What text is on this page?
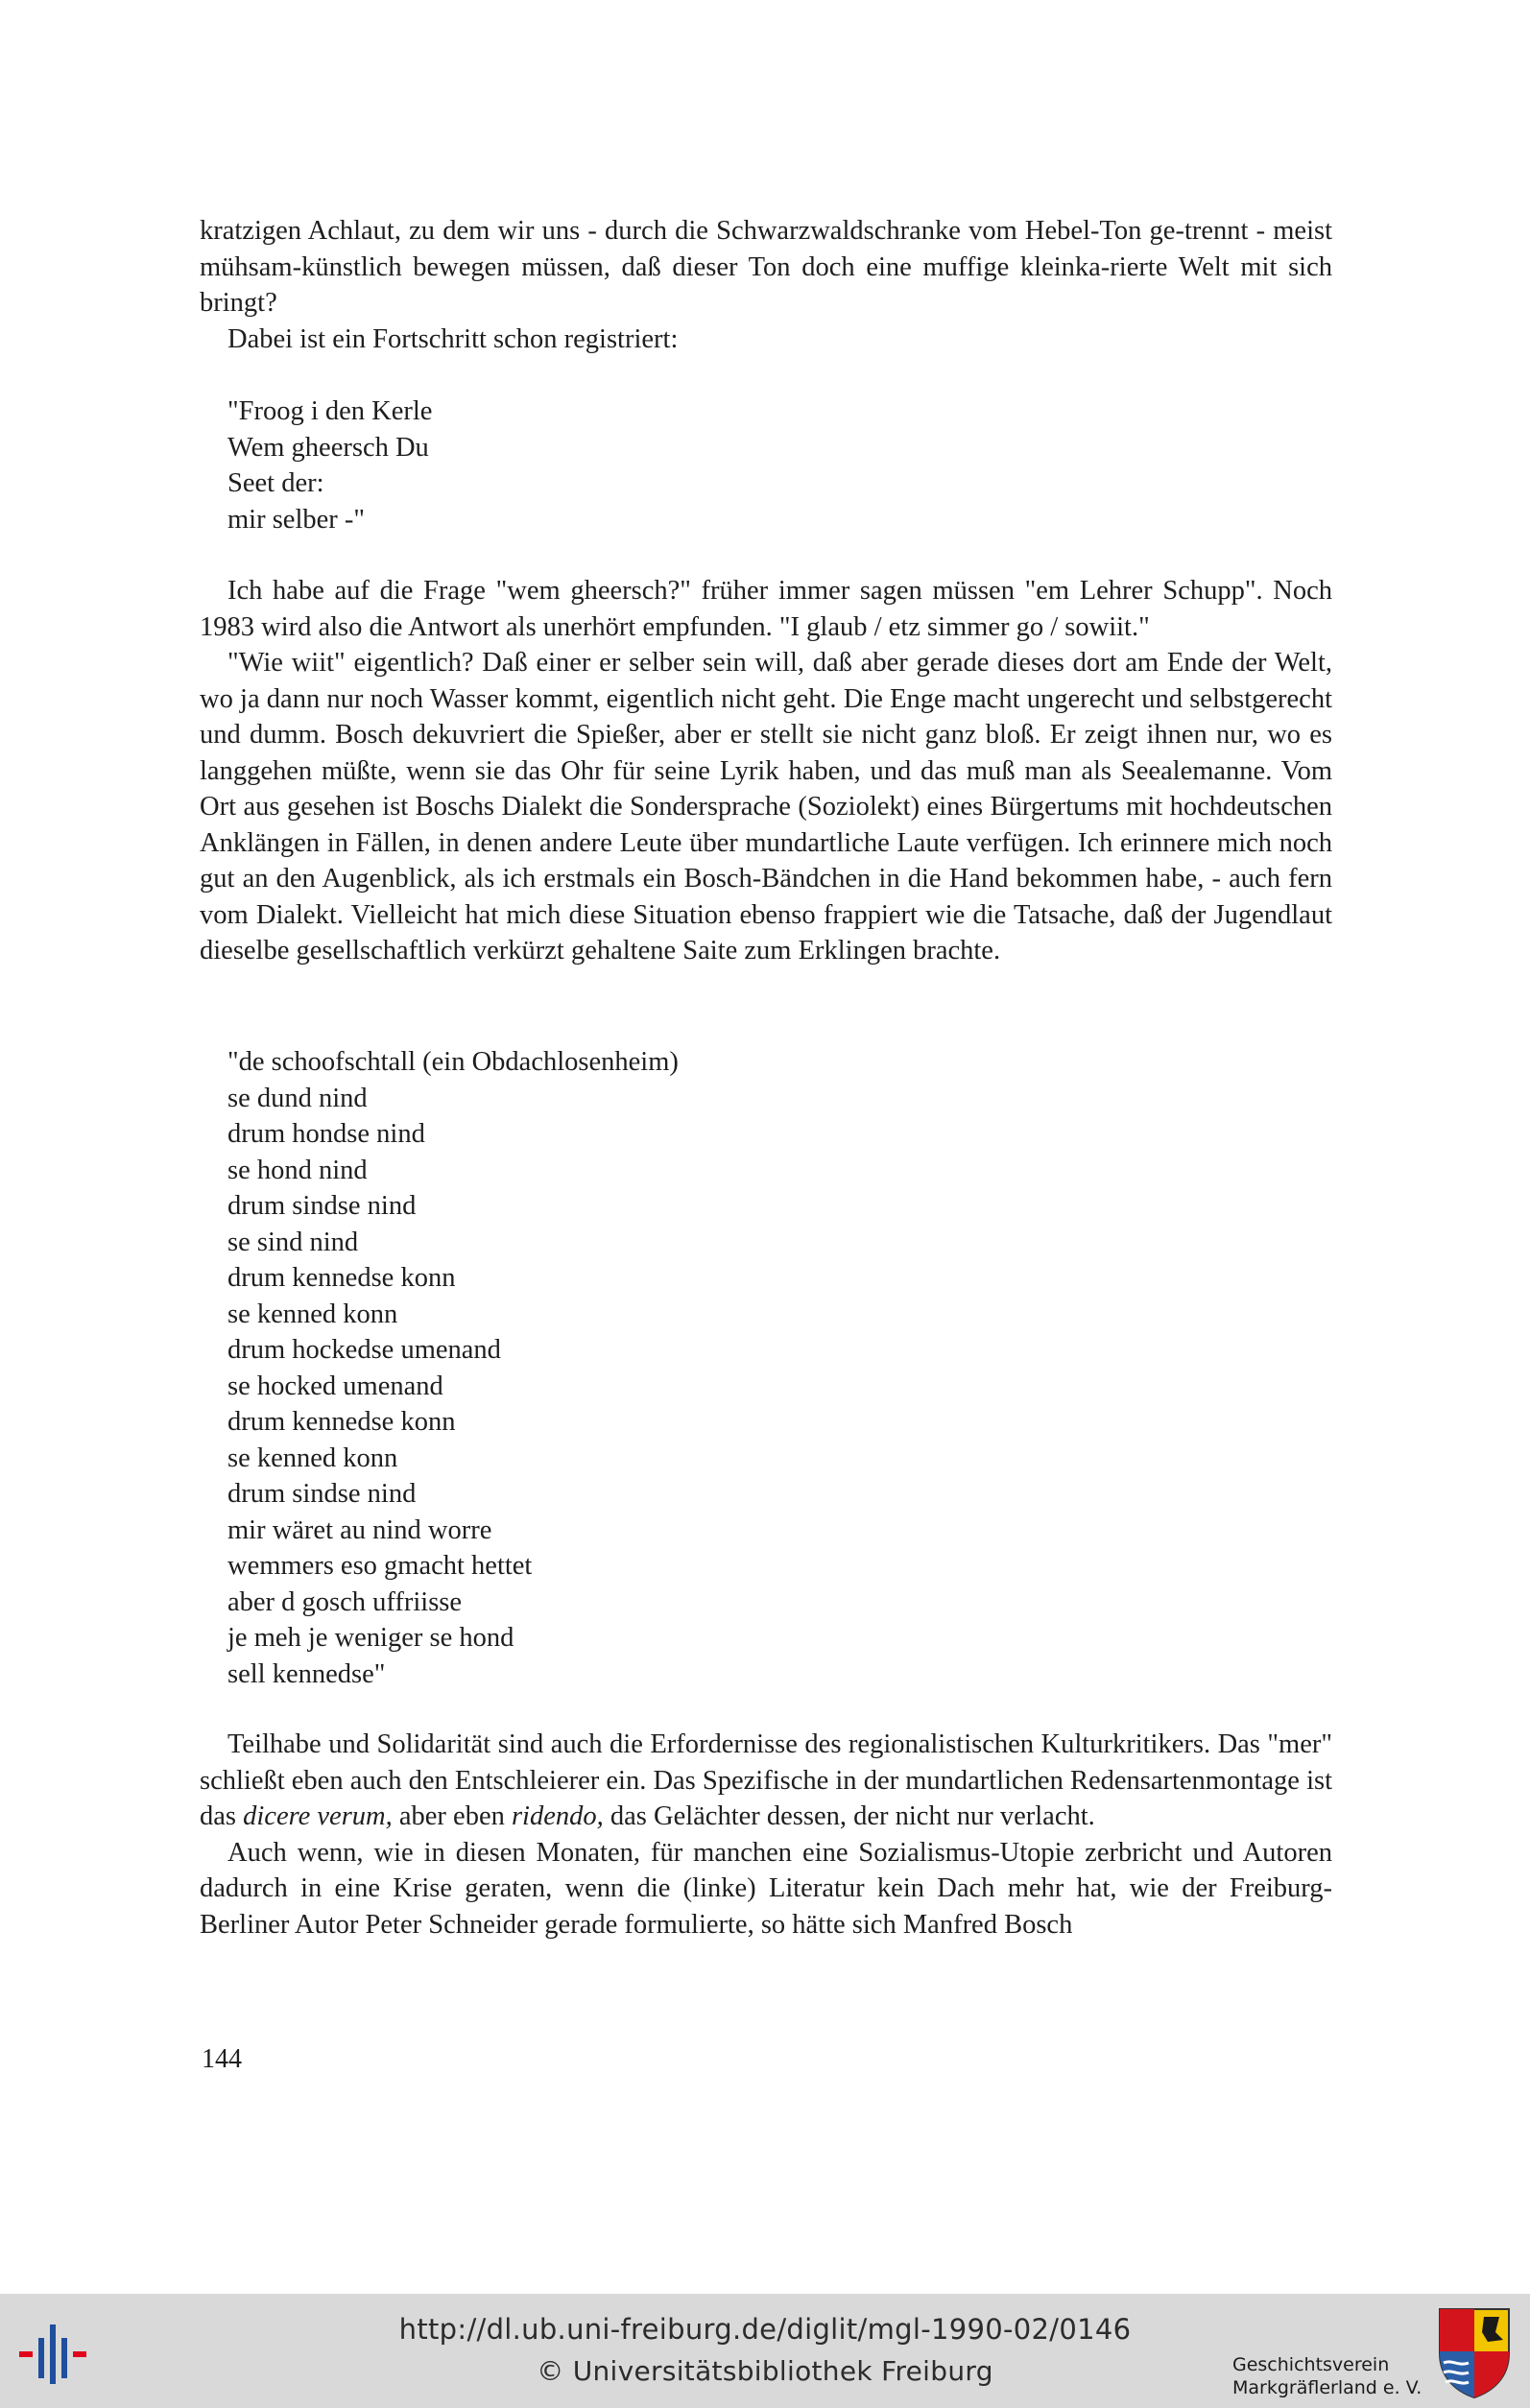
kratzigen Achlaut, zu dem wir uns - durch die Schwarzwaldschranke vom Hebel-Ton ge-trennt - meist mühsam-künstlich bewegen müssen, daß dieser Ton doch eine muffige kleinka-rierte Welt mit sich bringt?

Dabei ist ein Fortschritt schon registriert:

"Froog i den Kerle
Wem gheersch Du
Seet der:
mir selber -"

Ich habe auf die Frage "wem gheersch?" früher immer sagen müssen "em Lehrer Schupp". Noch 1983 wird also die Antwort als unerhört empfunden. "I glaub / etz simmer go / sowiit."

"Wie wiit" eigentlich? Daß einer er selber sein will, daß aber gerade dieses dort am Ende der Welt, wo ja dann nur noch Wasser kommt, eigentlich nicht geht. Die Enge macht ungerecht und selbstgerecht und dumm. Bosch dekuvriert die Spießer, aber er stellt sie nicht ganz bloß. Er zeigt ihnen nur, wo es langgehen müßte, wenn sie das Ohr für seine Lyrik haben, und das muß man als Seealemanne. Vom Ort aus gesehen ist Boschs Dialekt die Sondersprache (Soziolekt) eines Bürgertums mit hochdeutschen Anklängen in Fällen, in denen andere Leute über mundartliche Laute verfügen. Ich erinnere mich noch gut an den Augenblick, als ich erstmals ein Bosch-Bändchen in die Hand bekommen habe, - auch fern vom Dialekt. Vielleicht hat mich diese Situation ebenso frappiert wie die Tatsache, daß der Jugendlaut dieselbe gesellschaftlich verkürzt gehaltene Saite zum Erklingen brachte.

"de schoofschtall (ein Obdachlosenheim)
se dund nind
drum hondse nind
se hond nind
drum sindse nind
se sind nind
drum kennedse konn
se kenned konn
drum hockedse umenand
se hocked umenand
drum kennedse konn
se kenned konn
drum sindse nind
mir wäret au nind worre
wemmers eso gmacht hettet
aber d gosch uffriisse
je meh je weniger se hond
sell kennedse"

Teilhabe und Solidarität sind auch die Erfordernisse des regionalistischen Kulturkritikers. Das "mer" schließt eben auch den Entschleierer ein. Das Spezifische in der mundartlichen Redensartenmontage ist das dicere verum, aber eben ridendo, das Gelächter dessen, der nicht nur verlacht.

Auch wenn, wie in diesen Monaten, für manchen eine Sozialismus-Utopie zerbricht und Autoren dadurch in eine Krise geraten, wenn die (linke) Literatur kein Dach mehr hat, wie der Freiburg-Berliner Autor Peter Schneider gerade formulierte, so hätte sich Manfred Bosch

144
http://dl.ub.uni-freiburg.de/diglit/mgl-1990-02/0146
© Universitätsbibliothek Freiburg	Geschichtsverein
Markgräflerland e. V.
